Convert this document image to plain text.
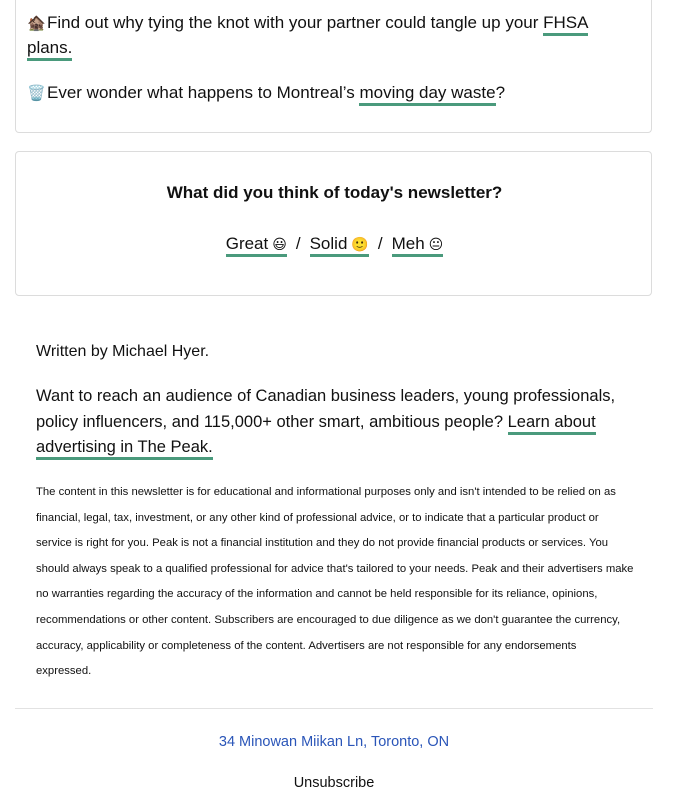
🏚️Find out why tying the knot with your partner could tangle up your FHSA plans.
🗑️Ever wonder what happens to Montreal’s moving day waste?
What did you think of today's newsletter?
Great 😃 / Solid 🙂 / Meh 😐
Written by Michael Hyer.
Want to reach an audience of Canadian business leaders, young professionals, policy influencers, and 115,000+ other smart, ambitious people? Learn about advertising in The Peak.
The content in this newsletter is for educational and informational purposes only and isn't intended to be relied on as financial, legal, tax, investment, or any other kind of professional advice, or to indicate that a particular product or service is right for you. Peak is not a financial institution and they do not provide financial products or services. You should always speak to a qualified professional for advice that's tailored to your needs. Peak and their advertisers make no warranties regarding the accuracy of the information and cannot be held responsible for its reliance, opinions, recommendations or other content. Subscribers are encouraged to due diligence as we don't guarantee the currency, accuracy, applicability or completeness of the content. Advertisers are not responsible for any endorsements expressed.
34 Minowan Miikan Ln, Toronto, ON
Unsubscribe
